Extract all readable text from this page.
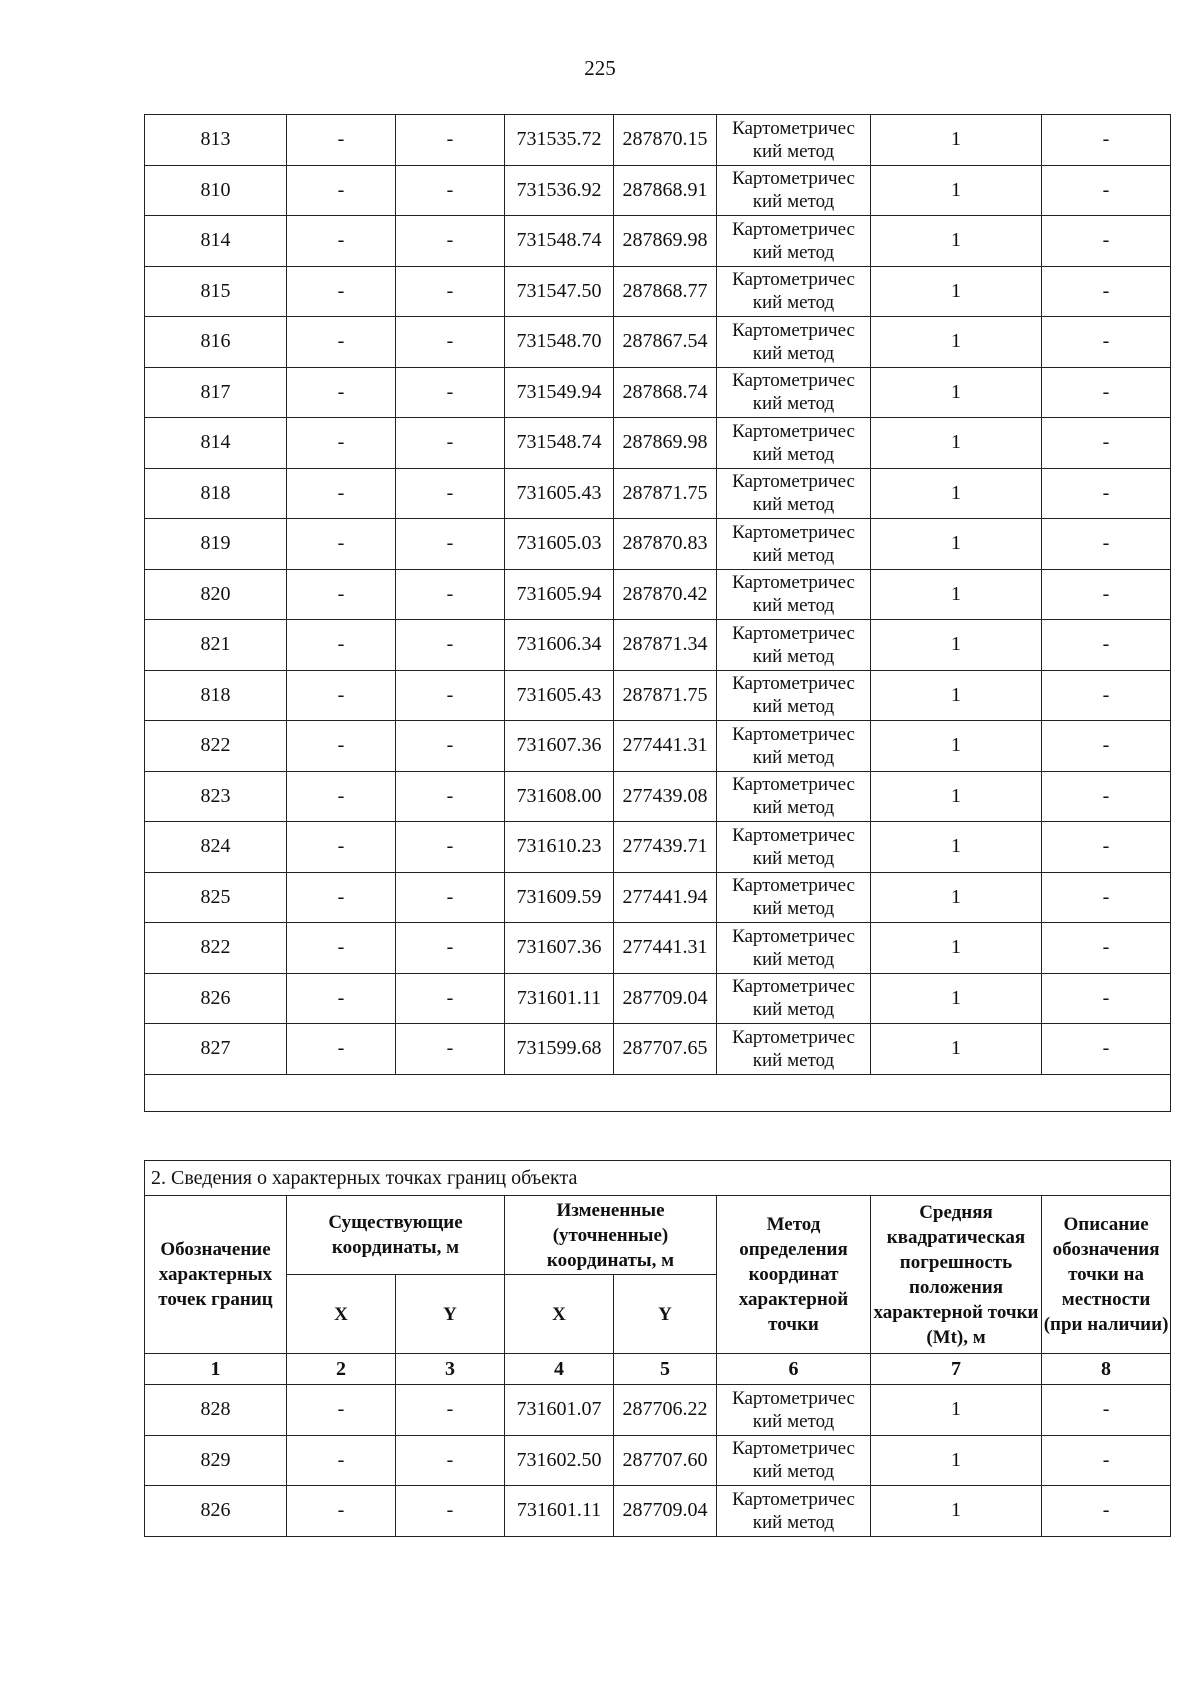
225
813	-	-	731535.72	287870.15	Картометричес кий метод	1	-
810	-	-	731536.92	287868.91	Картометричес кий метод	1	-
814	-	-	731548.74	287869.98	Картометричес кий метод	1	-
815	-	-	731547.50	287868.77	Картометричес кий метод	1	-
816	-	-	731548.70	287867.54	Картометричес кий метод	1	-
817	-	-	731549.94	287868.74	Картометричес кий метод	1	-
814	-	-	731548.74	287869.98	Картометричес кий метод	1	-
818	-	-	731605.43	287871.75	Картометричес кий метод	1	-
819	-	-	731605.03	287870.83	Картометричес кий метод	1	-
820	-	-	731605.94	287870.42	Картометричес кий метод	1	-
821	-	-	731606.34	287871.34	Картометричес кий метод	1	-
818	-	-	731605.43	287871.75	Картометричес кий метод	1	-
822	-	-	731607.36	277441.31	Картометричес кий метод	1	-
823	-	-	731608.00	277439.08	Картометричес кий метод	1	-
824	-	-	731610.23	277439.71	Картометричес кий метод	1	-
825	-	-	731609.59	277441.94	Картометричес кий метод	1	-
822	-	-	731607.36	277441.31	Картометричес кий метод	1	-
826	-	-	731601.11	287709.04	Картометричес кий метод	1	-
827	-	-	731599.68	287707.65	Картометричес кий метод	1	-

2. Сведения о характерных точках границ объекта							
Обозначение характерных точек границ	Существующие координаты, м		Измененные (уточненные) координаты, м		Метод определения координат характерной точки	Средняя квадратическая погрешность положения характерной точки (Mt), м	Описание обозначения точки на местности (при наличии)
	X	Y	X	Y			
1	2	3	4	5	6	7	8
828	-	-	731601.07	287706.22	Картометричес кий метод	1	-
829	-	-	731602.50	287707.60	Картометричес кий метод	1	-
826	-	-	731601.11	287709.04	Картометричес кий метод	1	-
